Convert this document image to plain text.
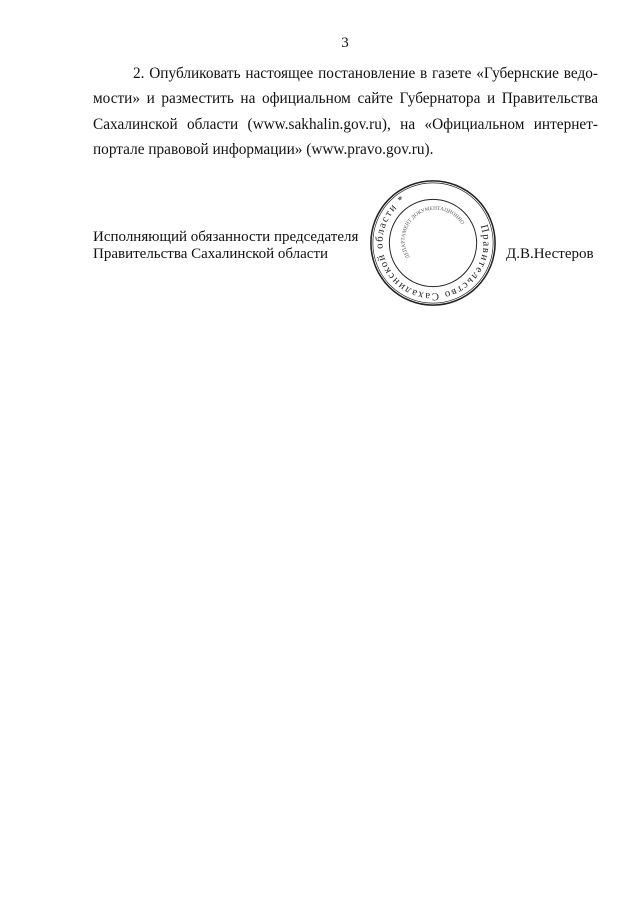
3
2. Опубликовать настоящее постановление в газете «Губернские ведо-
мости» и разместить на официальном сайте Губернатора и Правительства
Сахалинской области (www.sakhalin.gov.ru), на «Официальном интернет-
портале правовой информации» (www.pravo.gov.ru).
Исполняющий обязанности председателя
Правительства Сахалинской области	Д.В.Нестеров
Правительство Сахалинской области *
ДЕПАРТАМЕНТ ДОКУМЕНТАЦИОННОГО
